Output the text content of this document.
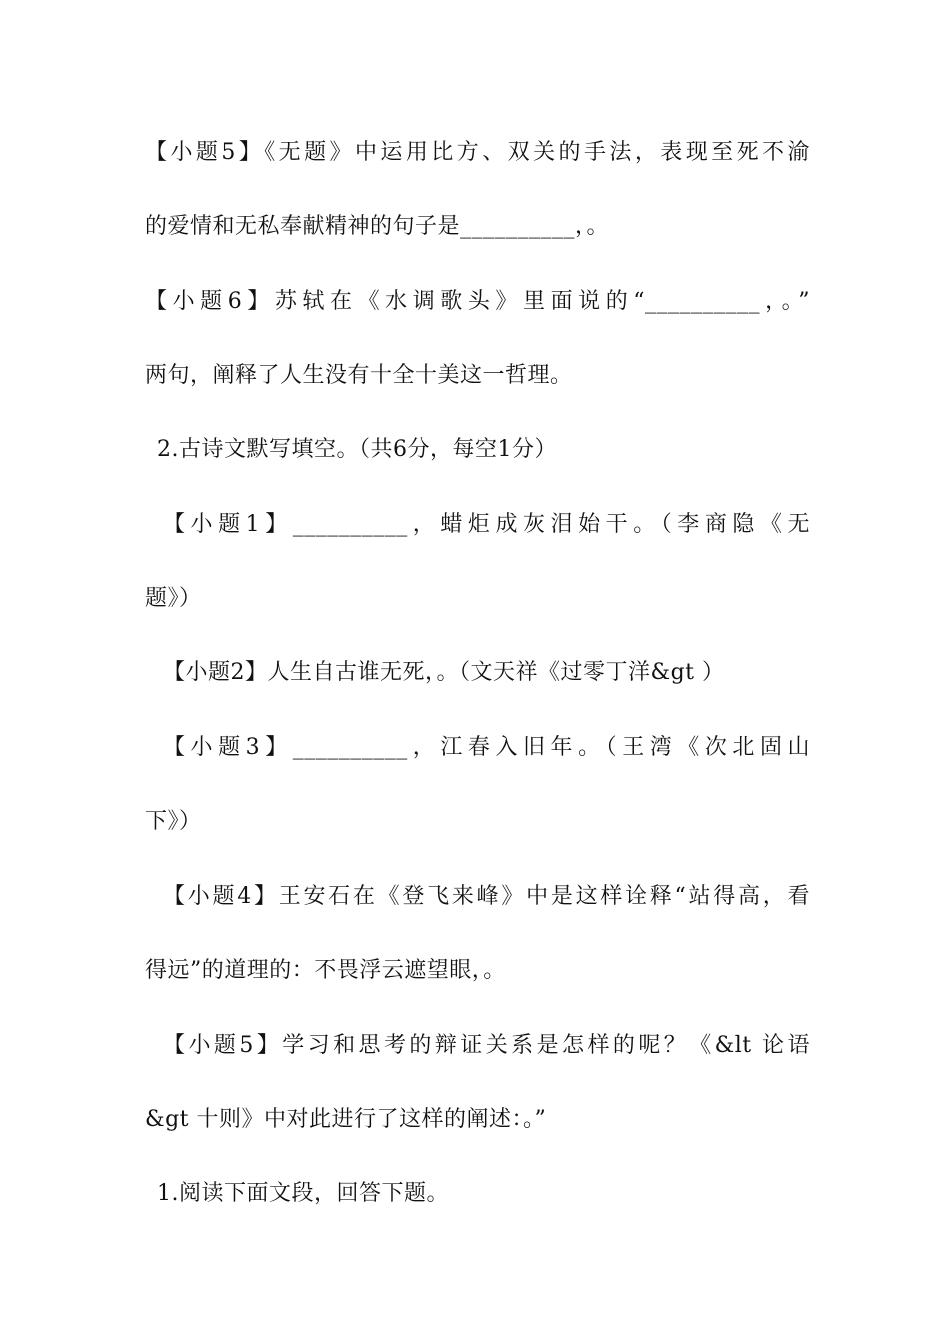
【小题5】《无题》中运用比方、双关的手法，表现至死不渝
的爱情和无私奉献精神的句子是__________，。
【小题6】苏轼在《水调歌头》里面说的“__________，。”
两句，阐释了人生没有十全十美这一哲理。
2.古诗文默写填空。（共6分，每空1分）
【小题1】__________，蜡炬成灰泪始干。（李商隐《无
题》）
【小题2】人生自古谁无死，。（文天祥《过零丁洋&gt ）
【小题3】__________，江春入旧年。（王湾《次北固山
下》）
【小题4】王安石在《登飞来峰》中是这样诠释“站得高，看
得远”的道理的：不畏浮云遮望眼，。
【小题5】学习和思考的辩证关系是怎样的呢？《&lt 论语
&gt 十则》中对此进行了这样的阐述：。”
1.阅读下面文段，回答下题。
